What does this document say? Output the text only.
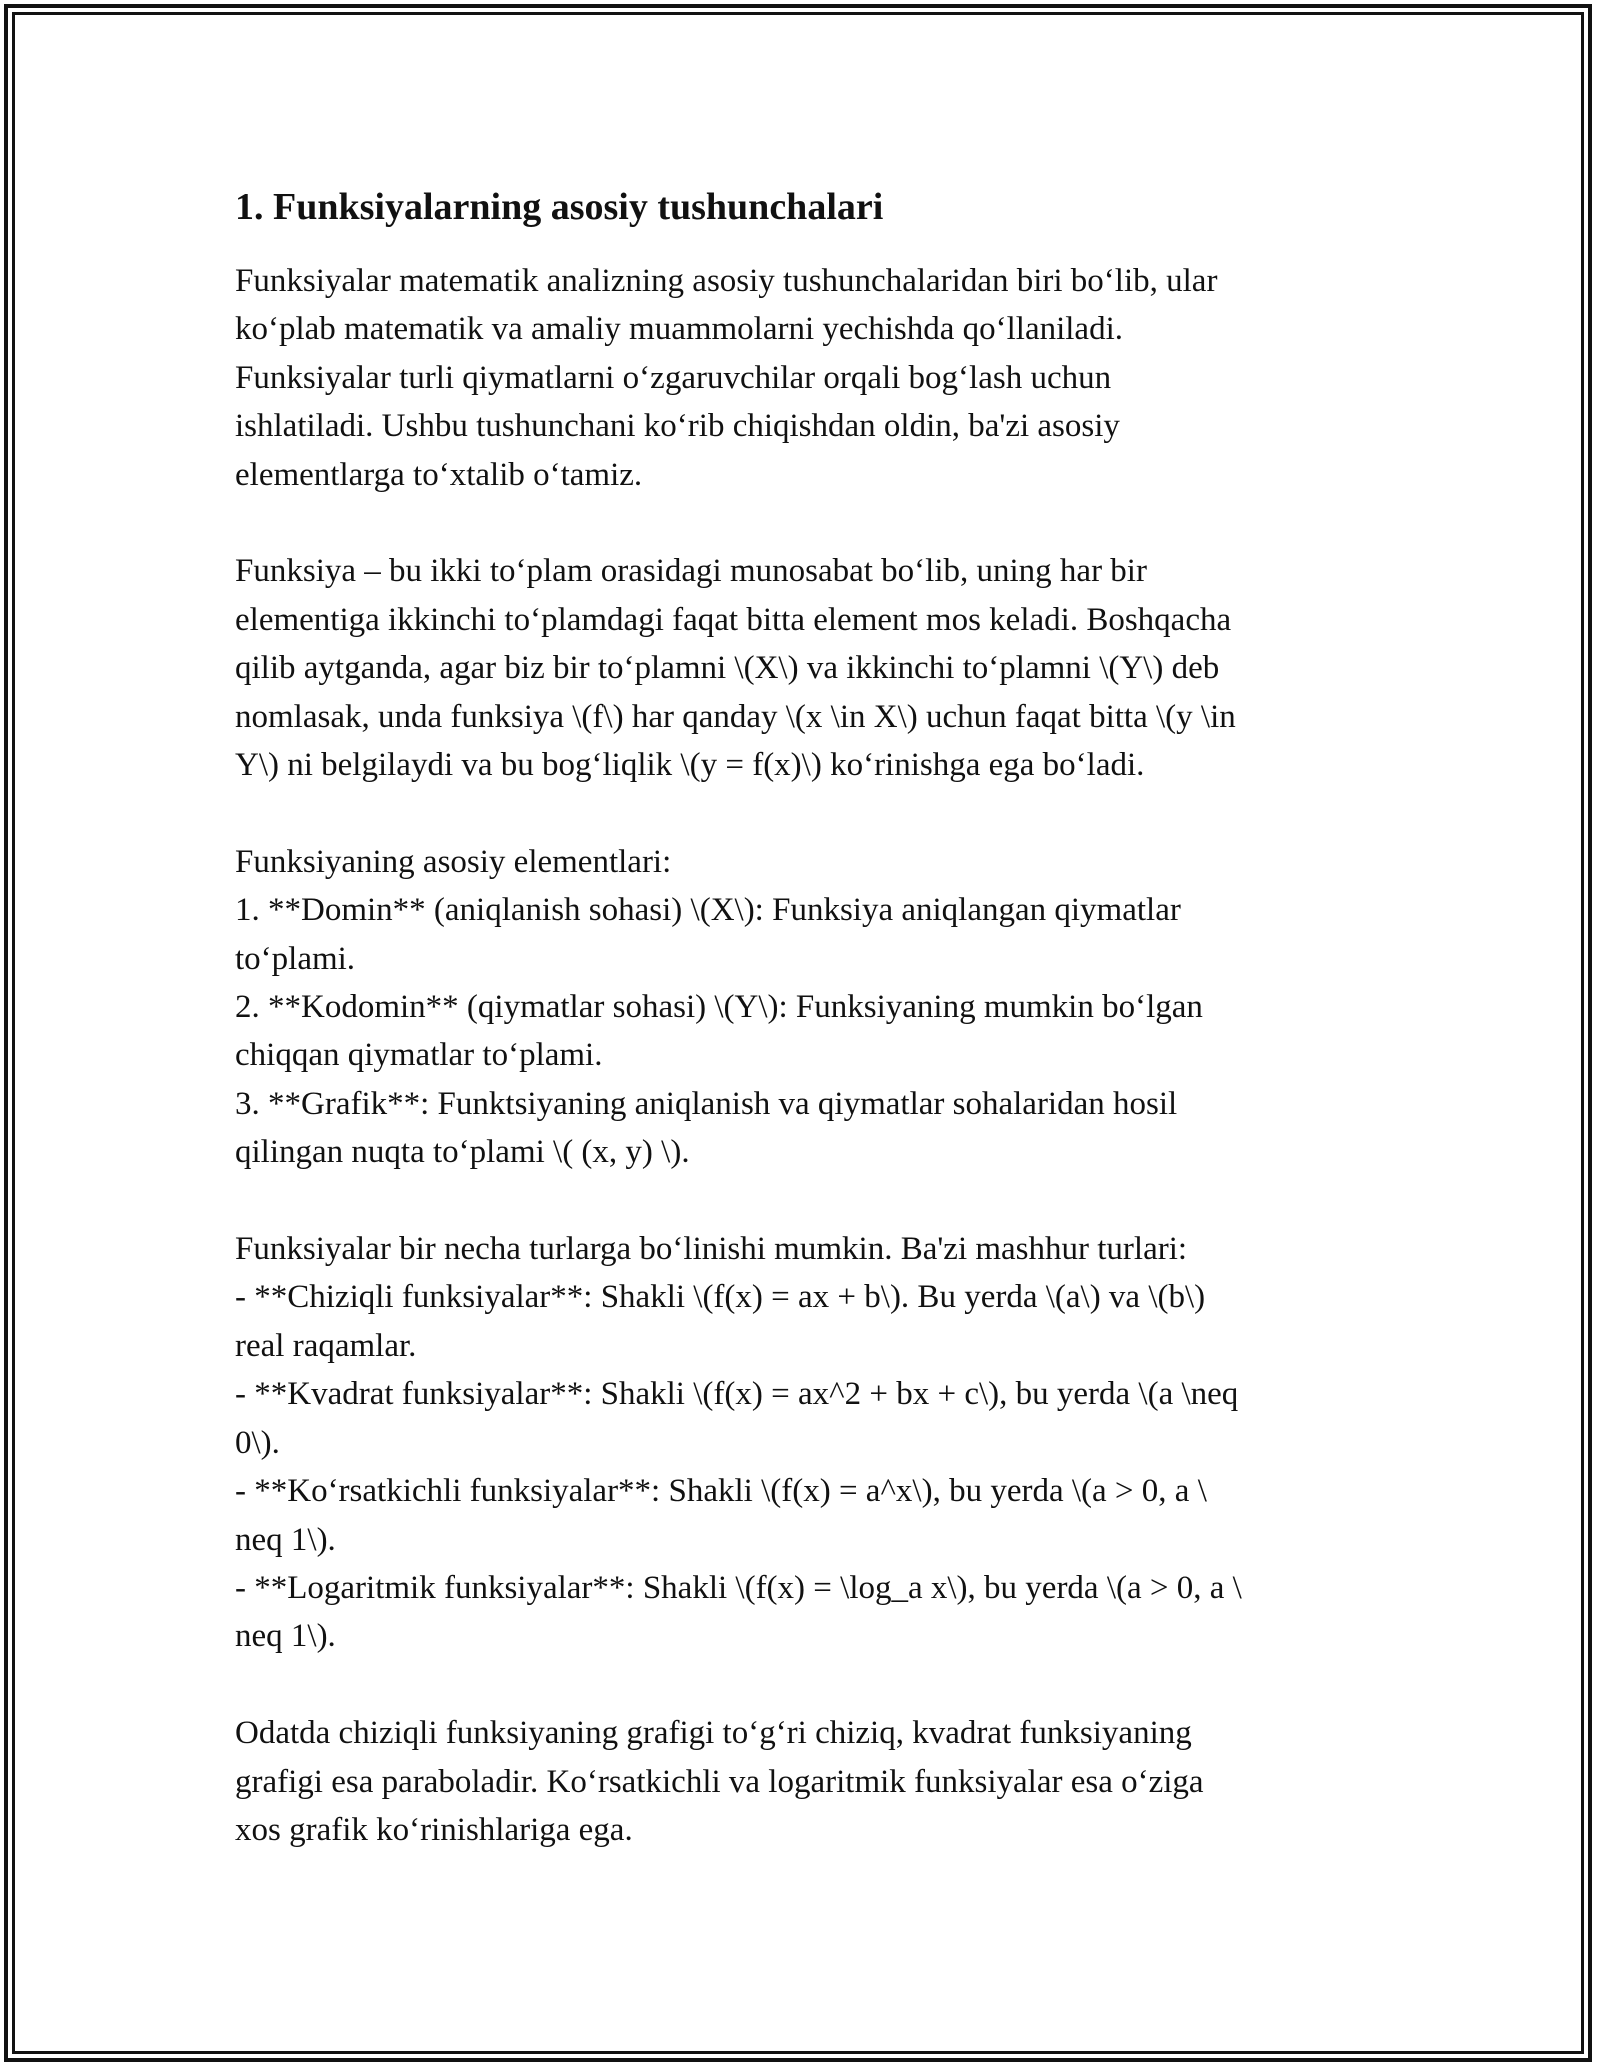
1. Funksiyalarning asosiy tushunchalari
Funksiyalar matematik analizning asosiy tushunchalaridan biri bo‘lib, ular
ko‘plab matematik va amaliy muammolarni yechishda qo‘llaniladi.
Funksiyalar turli qiymatlarni o‘zgaruvchilar orqali bog‘lash uchun
ishlatiladi. Ushbu tushunchani ko‘rib chiqishdan oldin, ba'zi asosiy
elementlarga to‘xtalib o‘tamiz.
Funksiya – bu ikki to‘plam orasidagi munosabat bo‘lib, uning har bir
elementiga ikkinchi to‘plamdagi faqat bitta element mos keladi. Boshqacha
qilib aytganda, agar biz bir to‘plamni \(X\) va ikkinchi to‘plamni \(Y\) deb
nomlasak, unda funksiya \(f\) har qanday \(x \in X\) uchun faqat bitta \(y \in
Y\) ni belgilaydi va bu bog‘liqlik \(y = f(x)\) ko‘rinishga ega bo‘ladi.
Funksiyaning asosiy elementlari:
1. **Domin** (aniqlanish sohasi) \(X\): Funksiya aniqlangan qiymatlar
to‘plami.
2. **Kodomin** (qiymatlar sohasi) \(Y\): Funksiyaning mumkin bo‘lgan
chiqqan qiymatlar to‘plami.
3. **Grafik**: Funktsiyaning aniqlanish va qiymatlar sohalaridan hosil
qilingan nuqta to‘plami \( (x, y) \).
Funksiyalar bir necha turlarga bo‘linishi mumkin. Ba'zi mashhur turlari:
- **Chiziqli funksiyalar**: Shakli \(f(x) = ax + b\). Bu yerda \(a\) va \(b\)
real raqamlar.
- **Kvadrat funksiyalar**: Shakli \(f(x) = ax^2 + bx + c\), bu yerda \(a \neq
0\).
- **Ko‘rsatkichli funksiyalar**: Shakli \(f(x) = a^x\), bu yerda \(a > 0, a \
neq 1\).
- **Logaritmik funksiyalar**: Shakli \(f(x) = \log_a x\), bu yerda \(a > 0, a \
neq 1\).
Odatda chiziqli funksiyaning grafigi to‘g‘ri chiziq, kvadrat funksiyaning
grafigi esa paraboladir. Ko‘rsatkichli va logaritmik funksiyalar esa o‘ziga
xos grafik ko‘rinishlariga ega.
